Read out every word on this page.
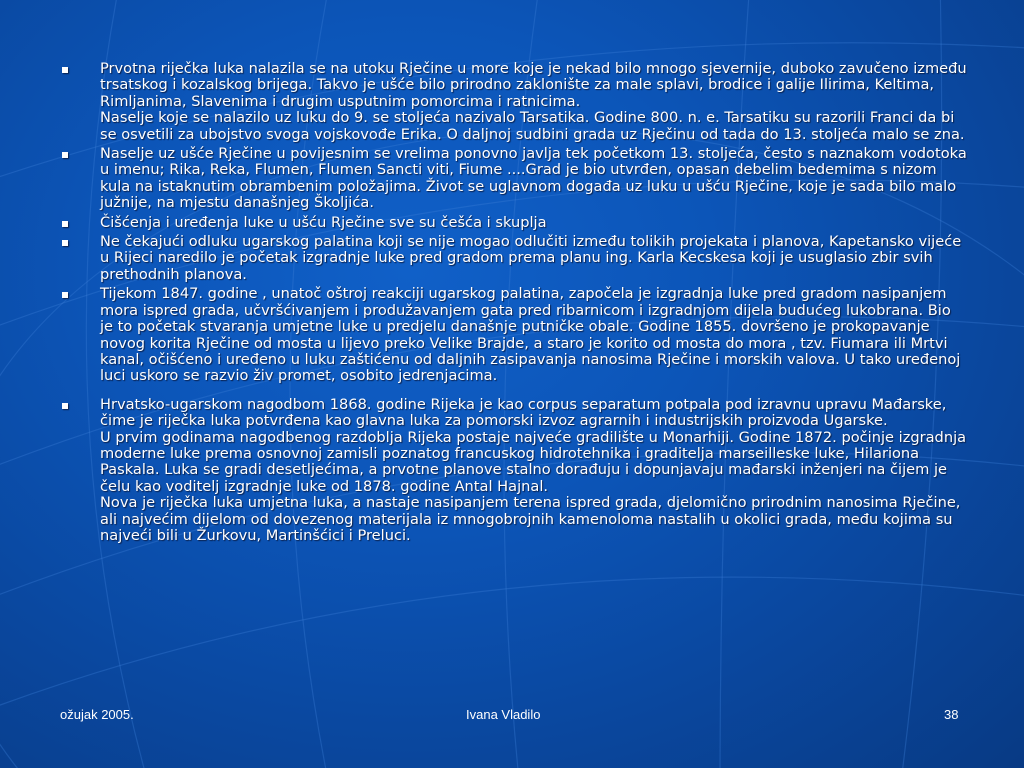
Prvotna riječka luka nalazila se na utoku Rječine u more koje je nekad bilo mnogo sjevernije, duboko zavučeno između trsatskog i kozalskog brijega. Takvo je ušće bilo prirodno zaklonište za male splavi, brodice i galije Ilirima, Keltima, Rimljanima, Slavenima i drugim usputnim pomorcima i ratnicima.
Naselje koje se nalazilo uz luku do 9. se stoljeća nazivalo Tarsatika. Godine 800. n. e. Tarsatiku su razorili Franci da bi se osvetili za ubojstvo svoga vojskovođe Erika. O daljnoj sudbini grada uz Rječinu od tada do 13. stoljeća malo se zna.
Naselje uz ušće Rječine u povijesnim se vrelima ponovno javlja tek početkom 13. stoljeća, često s naznakom vodotoka u imenu; Rika, Reka, Flumen, Flumen Sancti viti, Fiume ....Grad je bio utvrđen, opasan debelim bedemima s nizom kula na istaknutim obrambenim položajima. Život se uglavnom događa uz luku u ušću Rječine, koje je sada bilo malo južnije, na mjestu današnjeg Školjića.
Čišćenja i uređenja luke u ušću Rječine sve su češća i skuplja
Ne čekajući odluku ugarskog palatina koji se nije mogao odlučiti između tolikih projekata i planova, Kapetansko vijeće u Rijeci naredilo je početak izgradnje luke pred gradom prema planu ing. Karla Kecskesa koji je usuglasio zbir svih prethodnih planova.
Tijekom 1847. godine , unatoč oštroj reakciji ugarskog palatina, započela je izgradnja luke pred gradom nasipanjem mora ispred grada, učvršćivanjem i produžavanjem gata pred ribarnicom i izgradnjom dijela budućeg lukobrana. Bio je to početak stvaranja umjetne luke u predjelu današnje putničke obale. Godine 1855. dovršeno je prokopavanje novog korita Rječine od mosta u lijevo preko Velike Brajde, a staro je korito od mosta do mora , tzv. Fiumara ili Mrtvi kanal, očišćeno i uređeno u luku zaštićenu od daljnih zasipavanja nanosima Rječine i morskih valova. U tako uređenoj luci uskoro se razvio živ promet, osobito jedrenjacima.
Hrvatsko-ugarskom nagodbom 1868. godine Rijeka je kao corpus separatum potpala pod izravnu upravu Mađarske, čime je riječka luka potvrđena kao glavna luka za pomorski izvoz agrarnih i industrijskih proizvoda Ugarske.
U prvim godinama nagodbenog razdoblja Rijeka postaje najveće gradilište u Monarhiji. Godine 1872. počinje izgradnja moderne luke prema osnovnoj zamisli poznatog francuskog hidrotehnika i graditelja marseilleske luke, Hilariona Paskala. Luka se gradi desetljećima, a prvotne planove stalno dorađuju i dopunjavaju mađarski inženjeri na čijem je čelu kao voditelj izgradnje luke od 1878. godine Antal Hajnal.
Nova je riječka luka umjetna luka, a nastaje nasipanjem terena ispred grada, djelomično prirodnim nanosima Rječine, ali najvećim dijelom od dovezenog materijala iz mnogobrojnih kamenoloma nastalih u okolici grada, među kojima su najveći bili u Žurkovu, Martinšćici i Preluci.
ožujak 2005.	Ivana Vladilo	38
